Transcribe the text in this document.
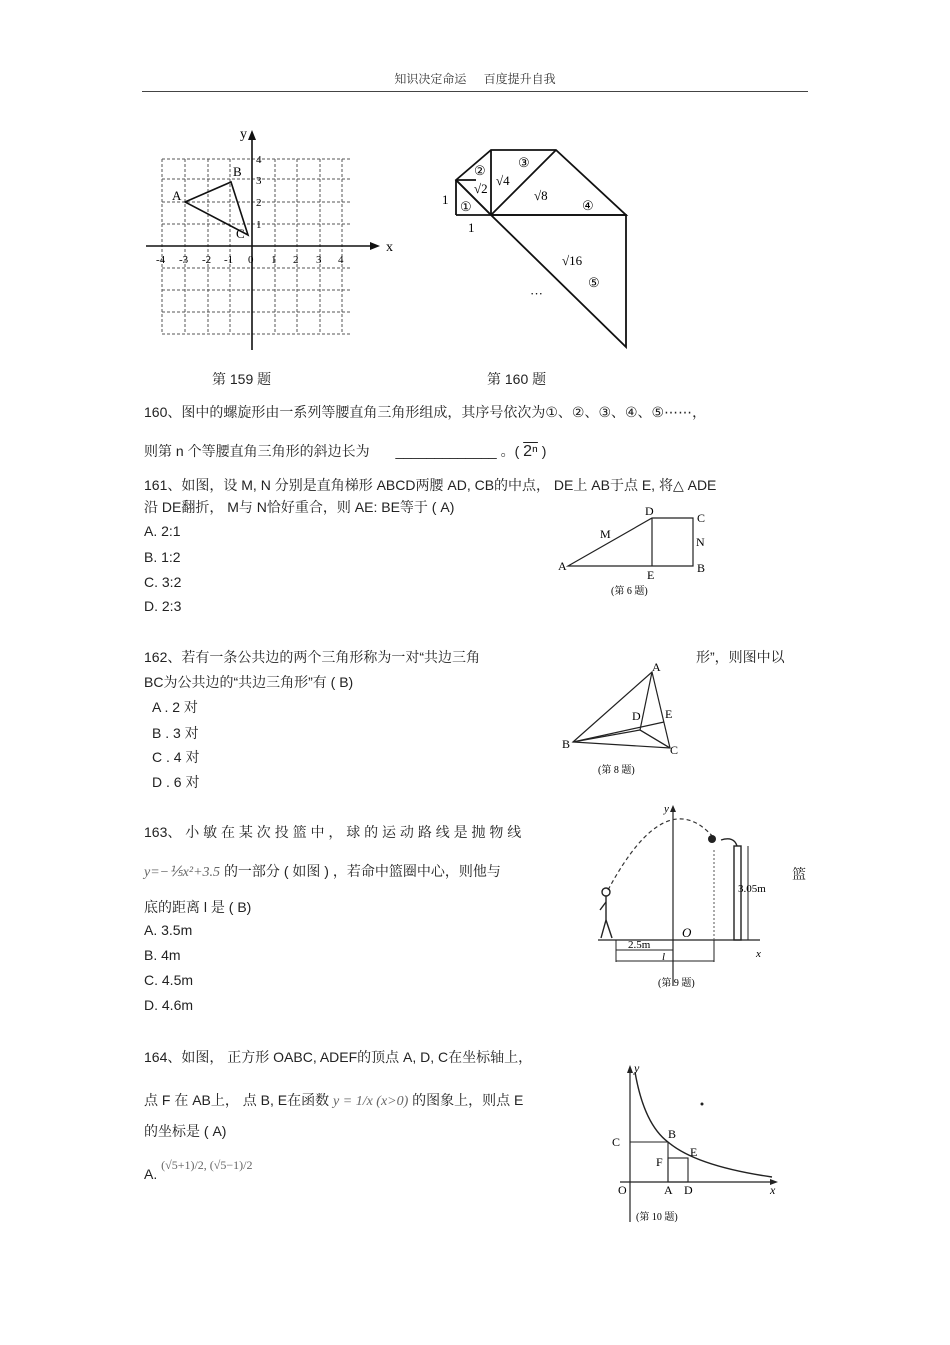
知识决定命运 百度提升自我
x
y
-4 -3 -2 -1 0 1 2 3 4
4
3
2
1
A
B
C
第 159 题
1
1
①
②
③
④
⑤
√2
√4
√8
√16
···
第 160 题
160、图中的螺旋形由一系列等腰直角三角形组成，其序号依次为①、②、③、④、⑤⋯⋯，
则第 n 个等腰直角三角形的斜边长为 _____________ 。( 2ⁿ )
161、如图，设 M, N 分别是直角梯形 ABCD两腰 AD, CB的中点， DE上 AB于点 E, 将△ ADE
沿 DE翻折， M与 N恰好重合，则 AE: BE等于 ( A)
A. 2:1
B. 1:2
C. 3:2
D. 2:3
A	B
C
D
E
M
N
(第 6 题)
162、若有一条公共边的两个三角形称为一对“共边三角	形”，则图中以
BC为公共边的“共边三角形”有 ( B)
A . 2 对
B . 3 对
C . 4 对
D . 6 对
A
B	C
D E
(第 8 题)
163、 小 敏 在 某 次 投 篮 中 ， 球 的 运 动 路 线 是 抛 物 线
y=−⅕x²+3.5 的一部分 ( 如图 ) ，若命中篮圈中心，则他与	篮
底的距离 l 是 ( B)
A. 3.5m
B. 4m
C. 4.5m
D. 4.6m
y
x
O
l
2.5m
3.05m
(第 9 题)
164、如图， 正方形 OABC, ADEF的顶点 A, D, C在坐标轴上，
点 F 在 AB上， 点 B, E在函数 y = 1/x (x>0) 的图象上，则点 E
的坐标是 ( A)
A. (√5+1)/2, (√5−1)/2
y
x
O	A D
C
B
E
F
(第 10 题)
